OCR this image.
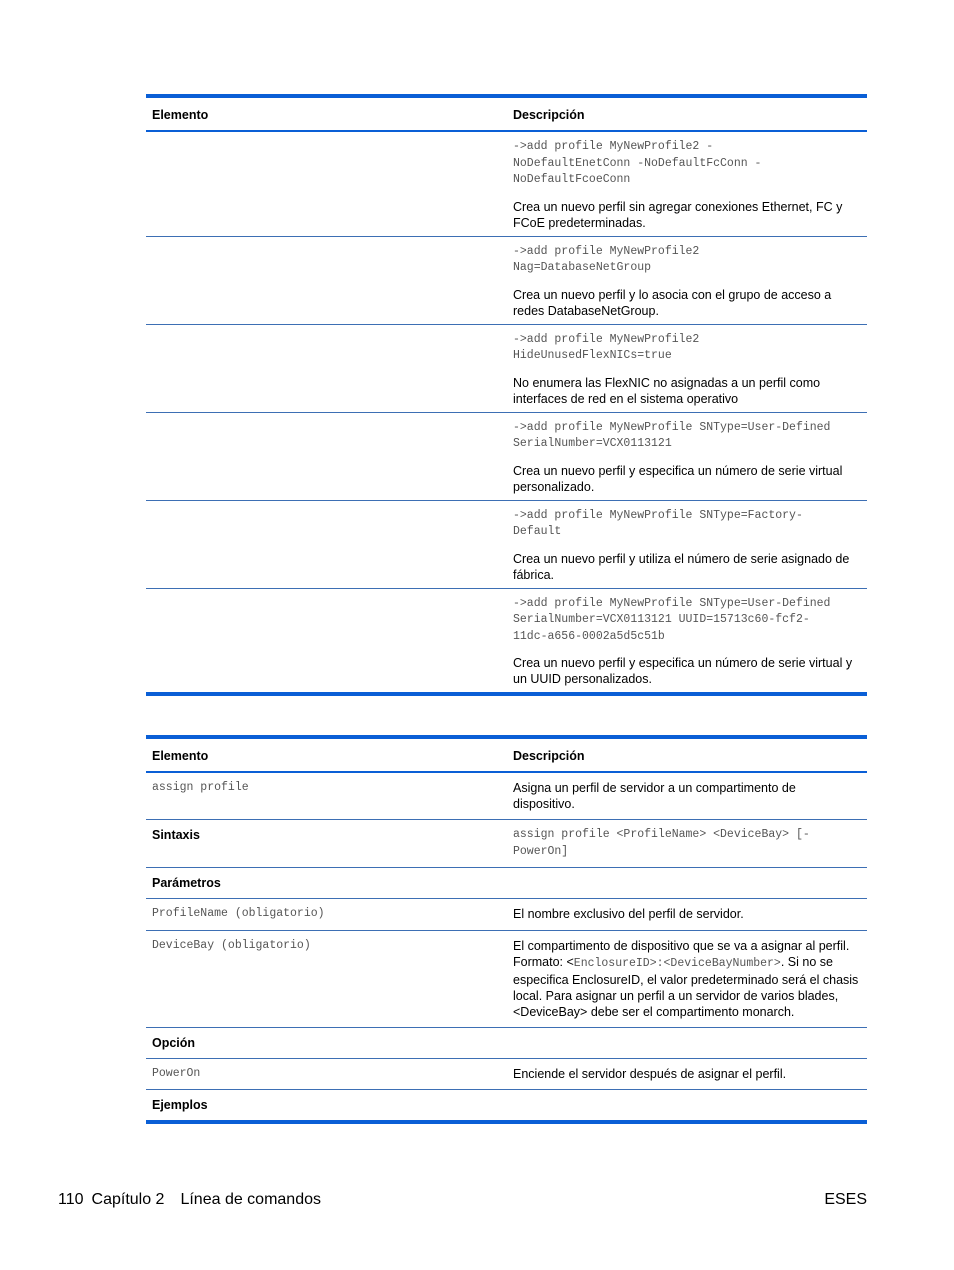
Elemento	Descripción

	->add profile MyNewProfile2 -NoDefaultEnetConn -NoDefaultFcConn -NoDefaultFcoeConn
Crea un nuevo perfil sin agregar conexiones Ethernet, FC y FCoE predeterminadas.

	->add profile MyNewProfile2 Nag=DatabaseNetGroup
Crea un nuevo perfil y lo asocia con el grupo de acceso a redes DatabaseNetGroup.

	->add profile MyNewProfile2 HideUnusedFlexNICs=true
No enumera las FlexNIC no asignadas a un perfil como interfaces de red en el sistema operativo

	->add profile MyNewProfile SNType=User-Defined SerialNumber=VCX0113121
Crea un nuevo perfil y especifica un número de serie virtual personalizado.

	->add profile MyNewProfile SNType=Factory-Default
Crea un nuevo perfil y utiliza el número de serie asignado de fábrica.

	->add profile MyNewProfile SNType=User-Defined SerialNumber=VCX0113121 UUID=15713c60-fcf2-11dc-a656-0002a5d5c51b
Crea un nuevo perfil y especifica un número de serie virtual y un UUID personalizados.
Elemento	Descripción

assign profile	Asigna un perfil de servidor a un compartimento de dispositivo.

Sintaxis	assign profile <ProfileName> <DeviceBay> [-PowerOn]

Parámetros	

ProfileName (obligatorio)	El nombre exclusivo del perfil de servidor.

DeviceBay (obligatorio)	El compartimento de dispositivo que se va a asignar al perfil. Formato: <EnclosureID>:<DeviceBayNumber>. Si no se especifica EnclosureID, el valor predeterminado será el chasis local. Para asignar un perfil a un servidor de varios blades, <DeviceBay> debe ser el compartimento monarch.

Opción	

PowerOn	Enciende el servidor después de asignar el perfil.

Ejemplos	

110 Capítulo 2 Línea de comandos	ESES
